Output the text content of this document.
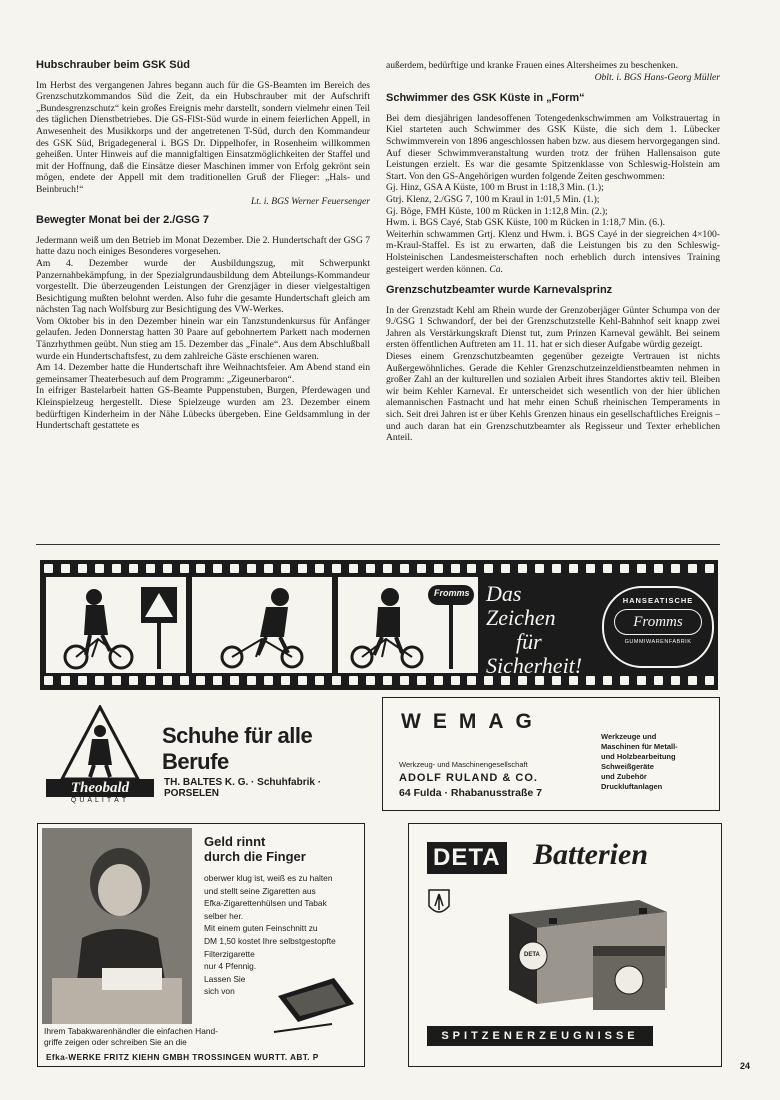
Hubschrauber beim GSK Süd

Im Herbst des vergangenen Jahres begann auch für die GS-Beamten im Bereich des Grenzschutzkommandos Süd die Zeit, da ein Hubschrauber mit der Aufschrift „Bundesgrenzschutz“ kein großes Ereignis mehr darstellt, sondern vielmehr einen Teil des täglichen Dienstbetriebes. Die GS-FlSt-Süd wurde in einem feierlichen Appell, in Anwesenheit des Musikkorps und der angetretenen T-Süd, durch den Kommandeur des GSK Süd, Brigadegeneral i. BGS Dr. Dippelhofer, in Rosenheim willkommen geheißen. Unter Hinweis auf die mannigfaltigen Einsatzmöglichkeiten der Staffel und mit der Hoffnung, daß die Einsätze dieser Maschinen immer von Erfolg gekrönt sein mögen, endete der Appell mit dem traditionellen Gruß der Flieger: „Hals- und Beinbruch!“

Lt. i. BGS Werner Feuersenger
Bewegter Monat bei der 2./GSG 7

Jedermann weiß um den Betrieb im Monat Dezember. Die 2. Hundertschaft der GSG 7 hatte dazu noch einiges Besonderes vorgesehen.

Am 4. Dezember wurde der Ausbildungszug, mit Schwerpunkt Panzernahbekämpfung, in der Spezialgrundausbildung dem Abteilungs-Kommandeur vorgestellt. Die überzeugenden Leistungen der Grenzjäger in dieser vielgestaltigen Besichtigung mußten belohnt werden. Also fuhr die gesamte Hundertschaft gleich am nächsten Tag nach Wolfsburg zur Besichtigung des VW-Werkes.

Vom Oktober bis in den Dezember hinein war ein Tanzstundenkursus für Anfänger gelaufen. Jeden Donnerstag hatten 30 Paare auf gebohnertem Parkett nach modernen Tänzrhythmen geübt. Nun stieg am 15. Dezember das „Finale“. Aus dem Abschlußball wurde ein Hundertschaftsfest, zu dem zahlreiche Gäste erschienen waren.

Am 14. Dezember hatte die Hundertschaft ihre Weihnachtsfeier. Am Abend stand ein gemeinsamer Theaterbesuch auf dem Programm: „Zigeunerbaron“.

In eifriger Bastelarbeit hatten GS-Beamte Puppenstuben, Burgen, Pferdewagen und Kleinspielzeug hergestellt. Diese Spielzeuge wurden am 23. Dezember einem bedürftigen Kinderheim in der Nähe Lübecks übergeben. Eine Geldsammlung in der Hundertschaft gestattete es

außerdem, bedürftige und kranke Frauen eines Altersheimes zu beschenken.

Oblt. i. BGS Hans-Georg Müller
Schwimmer des GSK Küste in „Form“

Bei dem diesjährigen landesoffenen Totengedenkschwimmen am Volkstrauertag in Kiel starteten auch Schwimmer des GSK Küste, die sich dem 1. Lübecker Schwimmverein von 1896 angeschlossen haben bzw. aus diesem hervorgegangen sind. Auf dieser Schwimmveranstaltung wurden trotz der frühen Hallensaison gute Leistungen erzielt. Es war die gesamte Spitzenklasse von Schleswig-Holstein am Start. Von den GS-Angehörigen wurden folgende Zeiten geschwommen:

Gj. Hinz, GSA A Küste, 100 m Brust in 1:18,3 Min. (1.);

Gtrj. Klenz, 2./GSG 7, 100 m Kraul in 1:01,5 Min. (1.);

Gj. Böge, FMH Küste, 100 m Rücken in 1:12,8 Min. (2.);

Hwm. i. BGS Cayé, Stab GSK Küste, 100 m Rücken in 1:18,7 Min. (6.).

Weiterhin schwammen Grtj. Klenz und Hwm. i. BGS Cayé in der siegreichen 4×100-m-Kraul-Staffel. Es ist zu erwarten, daß die Leistungen bis zu den Schleswig-Holsteinischen Landesmeisterschaften noch erheblich durch intensives Training gesteigert werden können. Ca.

Grenzschutzbeamter wurde Karnevalsprinz

In der Grenzstadt Kehl am Rhein wurde der Grenzoberjäger Günter Schumpa von der 9./GSG 1 Schwandorf, der bei der Grenzschutzstelle Kehl-Bahnhof seit knapp zwei Jahren als Verstärkungskraft Dienst tut, zum Prinzen Karneval gewählt. Bei seinem ersten öffentlichen Auftreten am 11. 11. hat er sich dieser Aufgabe würdig gezeigt.

Dieses einem Grenzschutzbeamten gegenüber gezeigte Vertrauen ist nichts Außergewöhnliches. Gerade die Kehler Grenzschutzeinzeldienstbeamten nehmen in großer Zahl an der kulturellen und sozialen Arbeit ihres Standortes aktiv teil. Bleiben wir beim Kehler Karneval. Er unterscheidet sich wesentlich von der hier üblichen alemannischen Fastnacht und hat mehr einen Schuß rheinischen Temperaments in sich. Seit drei Jahren ist er über Kehls Grenzen hinaus ein gesellschaftliches Ereignis – und auch daran hat ein Grenzschutzbeamter als Regisseur und Texter erheblichen Anteil.

Fromms Das Zeichen
für
Sicherheit!
HANSEATISCHE
Fromms
GUMMIWARENFABRIK
Theobald
QUALITÄT
Schuhe für alle Berufe
TH. BALTES K. G. · Schuhfabrik · PORSELEN
WEMAG
Werkzeug- und Maschinengesellschaft
ADOLF RULAND & CO.
64 Fulda · Rhabanusstraße 7
Werkzeuge und
Maschinen für Metall-
und Holzbearbeitung
Schweißgeräte
und Zubehör
Druckluftanlagen
Geld rinnt
durch die Finger
oberwer klug ist, weiß es zu halten
und stellt seine Zigaretten aus
Efka-Zigarettenhülsen und Tabak
selber her.
Mit einem guten Feinschnitt zu
DM 1,50 kostet Ihre selbstgestopfte
Filterzigarette
nur 4 Pfennig.
Lassen Sie
sich von
Ihrem Tabakwarenhändler die einfachen Hand-
griffe zeigen oder schreiben Sie an die
Efka-WERKE FRITZ KIEHN GMBH TROSSINGEN WURTT. ABT. P
DETA Batterien
DETA
SPITZENERZEUGNISSE
24
